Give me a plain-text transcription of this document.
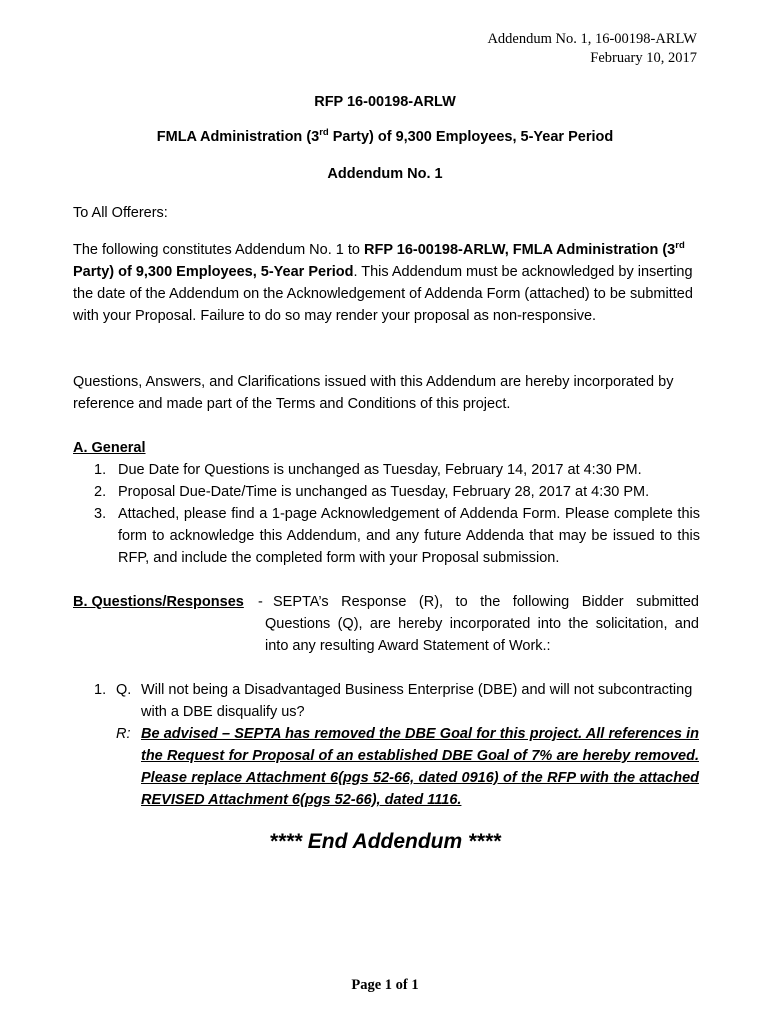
Addendum No. 1, 16-00198-ARLW
February 10, 2017
RFP 16-00198-ARLW
FMLA Administration (3rd Party) of 9,300 Employees, 5-Year Period
Addendum No. 1
To All Offerers:
The following constitutes Addendum No. 1 to RFP 16-00198-ARLW, FMLA Administration (3rd Party) of 9,300 Employees, 5-Year Period. This Addendum must be acknowledged by inserting the date of the Addendum on the Acknowledgement of Addenda Form (attached) to be submitted with your Proposal. Failure to do so may render your proposal as non-responsive.
Questions, Answers, and Clarifications issued with this Addendum are hereby incorporated by reference and made part of the Terms and Conditions of this project.
A. General
1. Due Date for Questions is unchanged as Tuesday, February 14, 2017 at 4:30 PM.
2. Proposal Due-Date/Time is unchanged as Tuesday, February 28, 2017 at 4:30 PM.
3. Attached, please find a 1-page Acknowledgement of Addenda Form. Please complete this form to acknowledge this Addendum, and any future Addenda that may be issued to this RFP, and include the completed form with your Proposal submission.
B. Questions/Responses - SEPTA’s Response (R), to the following Bidder submitted Questions (Q), are hereby incorporated into the solicitation, and into any resulting Award Statement of Work.:
1. Q. Will not being a Disadvantaged Business Enterprise (DBE) and will not subcontracting with a DBE disqualify us?
R: Be advised – SEPTA has removed the DBE Goal for this project. All references in the Request for Proposal of an established DBE Goal of 7% are hereby removed. Please replace Attachment 6(pgs 52-66, dated 0916) of the RFP with the attached REVISED Attachment 6(pgs 52-66), dated 1116.
**** End Addendum ****
Page 1 of 1
